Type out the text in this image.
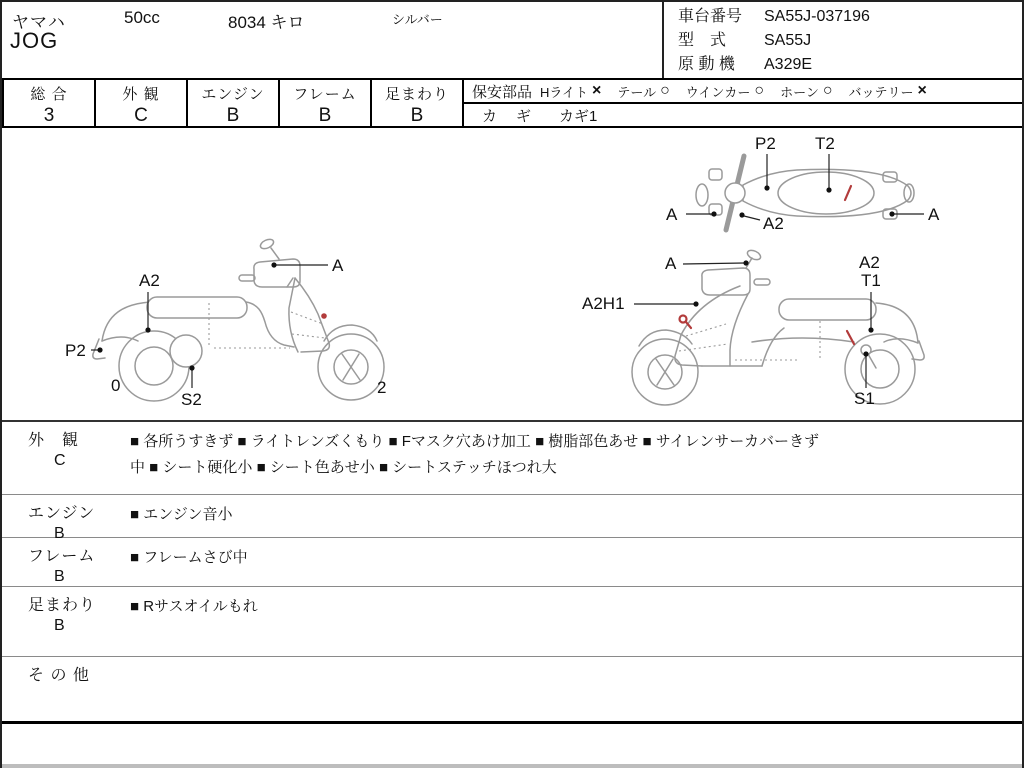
ヤマハ	50cc	8034 キロ	シルバー
JOG
車台番号	SA55J-037196
型　式	SA55J
原 動 機	A329E
総 合
3
外 観
C
エンジン
B
フレーム
B
足まわり
B
保安部品 Hライト × テール ○ ウインカー ○ ホーン ○ バッテリー ×
カ　ギ カギ1
P2 T2
A	A2	A
A2
A
P2
S2
0	2
A
A2H1
A2
T1
S1
外　観
C
■ 各所うすきず ■ ライトレンズくもり ■ Fマスク穴あけ加工 ■ 樹脂部色あせ ■ サイレンサーカバーきず
中 ■ シート硬化小 ■ シート色あせ小 ■ シートステッチほつれ大
エンジン
B
■ エンジン音小
フレーム
B
■ フレームさび中
足まわり
B
■ Rサスオイルもれ
そ の 他
